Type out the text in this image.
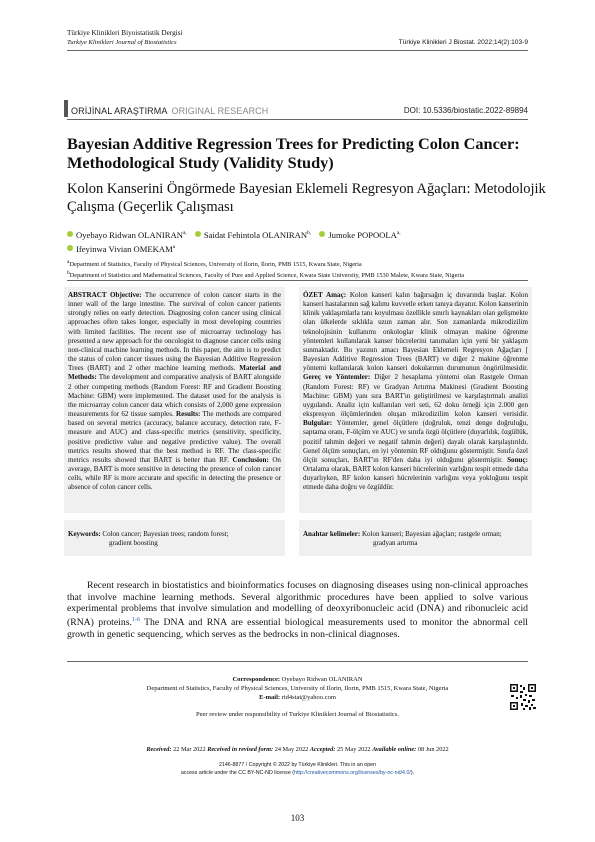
Türkiye Klinikleri Biyoistatistik Dergisi
Turkiye Klinikleri Journal of Biostatistics	Türkiye Klinikleri J Biostat. 2022;14(2):103-9
ORİJİNAL ARAŞTIRMA ORIGINAL RESEARCH	DOI: 10.5336/biostatic.2022-89894
Bayesian Additive Regression Trees for Predicting Colon Cancer: Methodological Study (Validity Study)
Kolon Kanserini Öngörmede Bayesian Eklemeli Regresyon Ağaçları: Metodolojik Çalışma (Geçerlik Çalışması
Oyebayo Ridwan $OLANIRAN^{a,}$ Saidat Fehintola $OLANIRAN^{b,}$ Jumoke $POPOOLA^{a,}$
Ifeyinwa Vivian OMEKAM$^a$
$^a$Department of Statistics, Faculty of Physical Sciences, University of Ilorin, Ilorin, PMB 1515, Kwara State, Nigeria
$^b$Department of Statistics and Mathematical Sciences, Faculty of Pure and Applied Science, Kwara State University, PMB 1530 Malete, Kwara State, Nigeria
ABSTRACT Objective: The occurrence of colon cancer starts in the inner wall of the large intestine. The survival of colon cancer patients strongly relies on early detection. Diagnosing colon cancer using clinical approaches often takes longer, especially in most developing countries with limited facilities. The recent use of microarray technology has presented a new approach for the oncologist to diagnose cancer cells using non-clinical machine learning methods. In this paper, the aim is to predict the status of colon cancer tissues using the Bayesian Additive Regression Trees (BART) and 2 other machine learning methods. Material and Methods: The development and comparative analysis of BART alongside 2 other competing methods (Random Forest: RF and Gradient Boosting Machine: GBM) were implemented. The dataset used for the analysis is the microarray colon cancer data which consists of 2,000 gene expression measurements for 62 tissue samples. Results: The methods are compared based on several metrics (accuracy, balance accuracy, detection rate, F-measure and AUC) and class-specific metrics (sensitivity, specificity, positive predictive value and negative predictive value). The overall metrics results showed that the best method is RF. The class-specific metrics results showed that BART is better than RF. Conclusion: On average, BART is more sensitive in detecting the presence of colon cancer cells, while RF is more accurate and specific in detecting the presence or absence of colon cancer cells.
ÖZET Amaç: Kolon kanseri kalın bağırsağın iç duvarında başlar. Kolon kanseri hastalarının sağ kalımı kuvvetle erken tanıya dayanır. Kolon kanserinin klinik yaklaşımlarla tanı koyulması özellikle sınırlı kaynakları olan gelişmekte olan ülkelerde sıklıkla uzun zaman alır. Son zamanlarda mikrodizilim teknolojisinin kullanımı onkologlar klinik olmayan makine öğrenme yöntemleri kullanılarak kanser hücrelerini tanımaları için yeni bir yaklaşım sunmaktadır. Bu yazının amacı Bayesian Eklemeli Regresyon Ağaçları [ Bayesian Additive Regression Trees (BART) ve diğer 2 makine öğrenme yöntemi kullanılarak kolon kanseri dokularının durumunun öngörülmesidir. Gereç ve Yöntemler: Diğer 2 hesaplama yöntemi olan Rastgele Orman (Random Forest: RF) ve Gradyan Artırma Makinesi (Gradient Boosting Machine: GBM) yanı sıra BART'ın geliştirilmesi ve karşılaştırmalı analizi uygulandı. Analiz için kullanılan veri seti, 62 doku örneği için 2.000 gen ekspresyon ölçümlerinden oluşan mikrodizilim kolon kanseri verisidir. Bulgular: Yöntemler, genel ölçütlere (doğruluk, tenzi denge doğruluğu, saptama oranı, F-ölçüm ve AUC) ve sınıfa özgü ölçütlere (duyarlılık, özgüllük, pozitif tahmin değeri ve negatif tahmin değeri) dayalı olarak karşılaştırıldı. Genel ölçüm sonuçları, en iyi yöntemin RF olduğunu göstermiştir. Sınıfa özel ölçüt sonuçları, BART'ın RF'den daha iyi olduğunu göstermiştir. Sonuç: Ortalama olarak, BART kolon kanseri hücrelerinin varlığını tespit etmede daha duyarlıyken, RF kolon kanseri hücrelerinin varlığını veya yokluğunu tespit etmede daha doğru ve özgüldür.
Keywords: Colon cancer; Bayesian trees; random forest;
gradient boosting
Anahtar kelimeler: Kolon kanseri; Bayesian ağaçları; rastgele orman;
gradyan artırma
Recent research in biostatistics and bioinformatics focuses on diagnosing diseases using non-clinical approaches that involve machine learning methods. Several algorithmic procedures have been applied to solve various experimental problems that involve simulation and modelling of deoxyribonucleic acid (DNA) and ribonucleic acid (RNA) proteins.$^{1-6}$ The DNA and RNA are essential biological measurements used to monitor the abnormal cell growth in genetic sequencing, which serves as the bedrocks in non-clinical diagnoses.
Correspondence: Oyebayo Ridwan OLANIRAN
Department of Statistics, Faculty of Physical Sciences, University of Ilorin, Ilorin, PMB 1515, Kwara State, Nigeria
E-mail: rid4stat@yahoo.com
Peer review under responsibility of Turkiye Klinikleri Journal of Biostatistics.
Received: 22 Mar 2022 Received in revised form: 24 May 2022 Accepted: 25 May 2022 Available online: 08 Jun 2022
2146-8877 / Copyright © 2022 by Türkiye Klinikleri. This in an open
access article under the CC BY-NC-ND license (http://creativecommons.org/licenses/by-nc-nd/4.0/).
103
